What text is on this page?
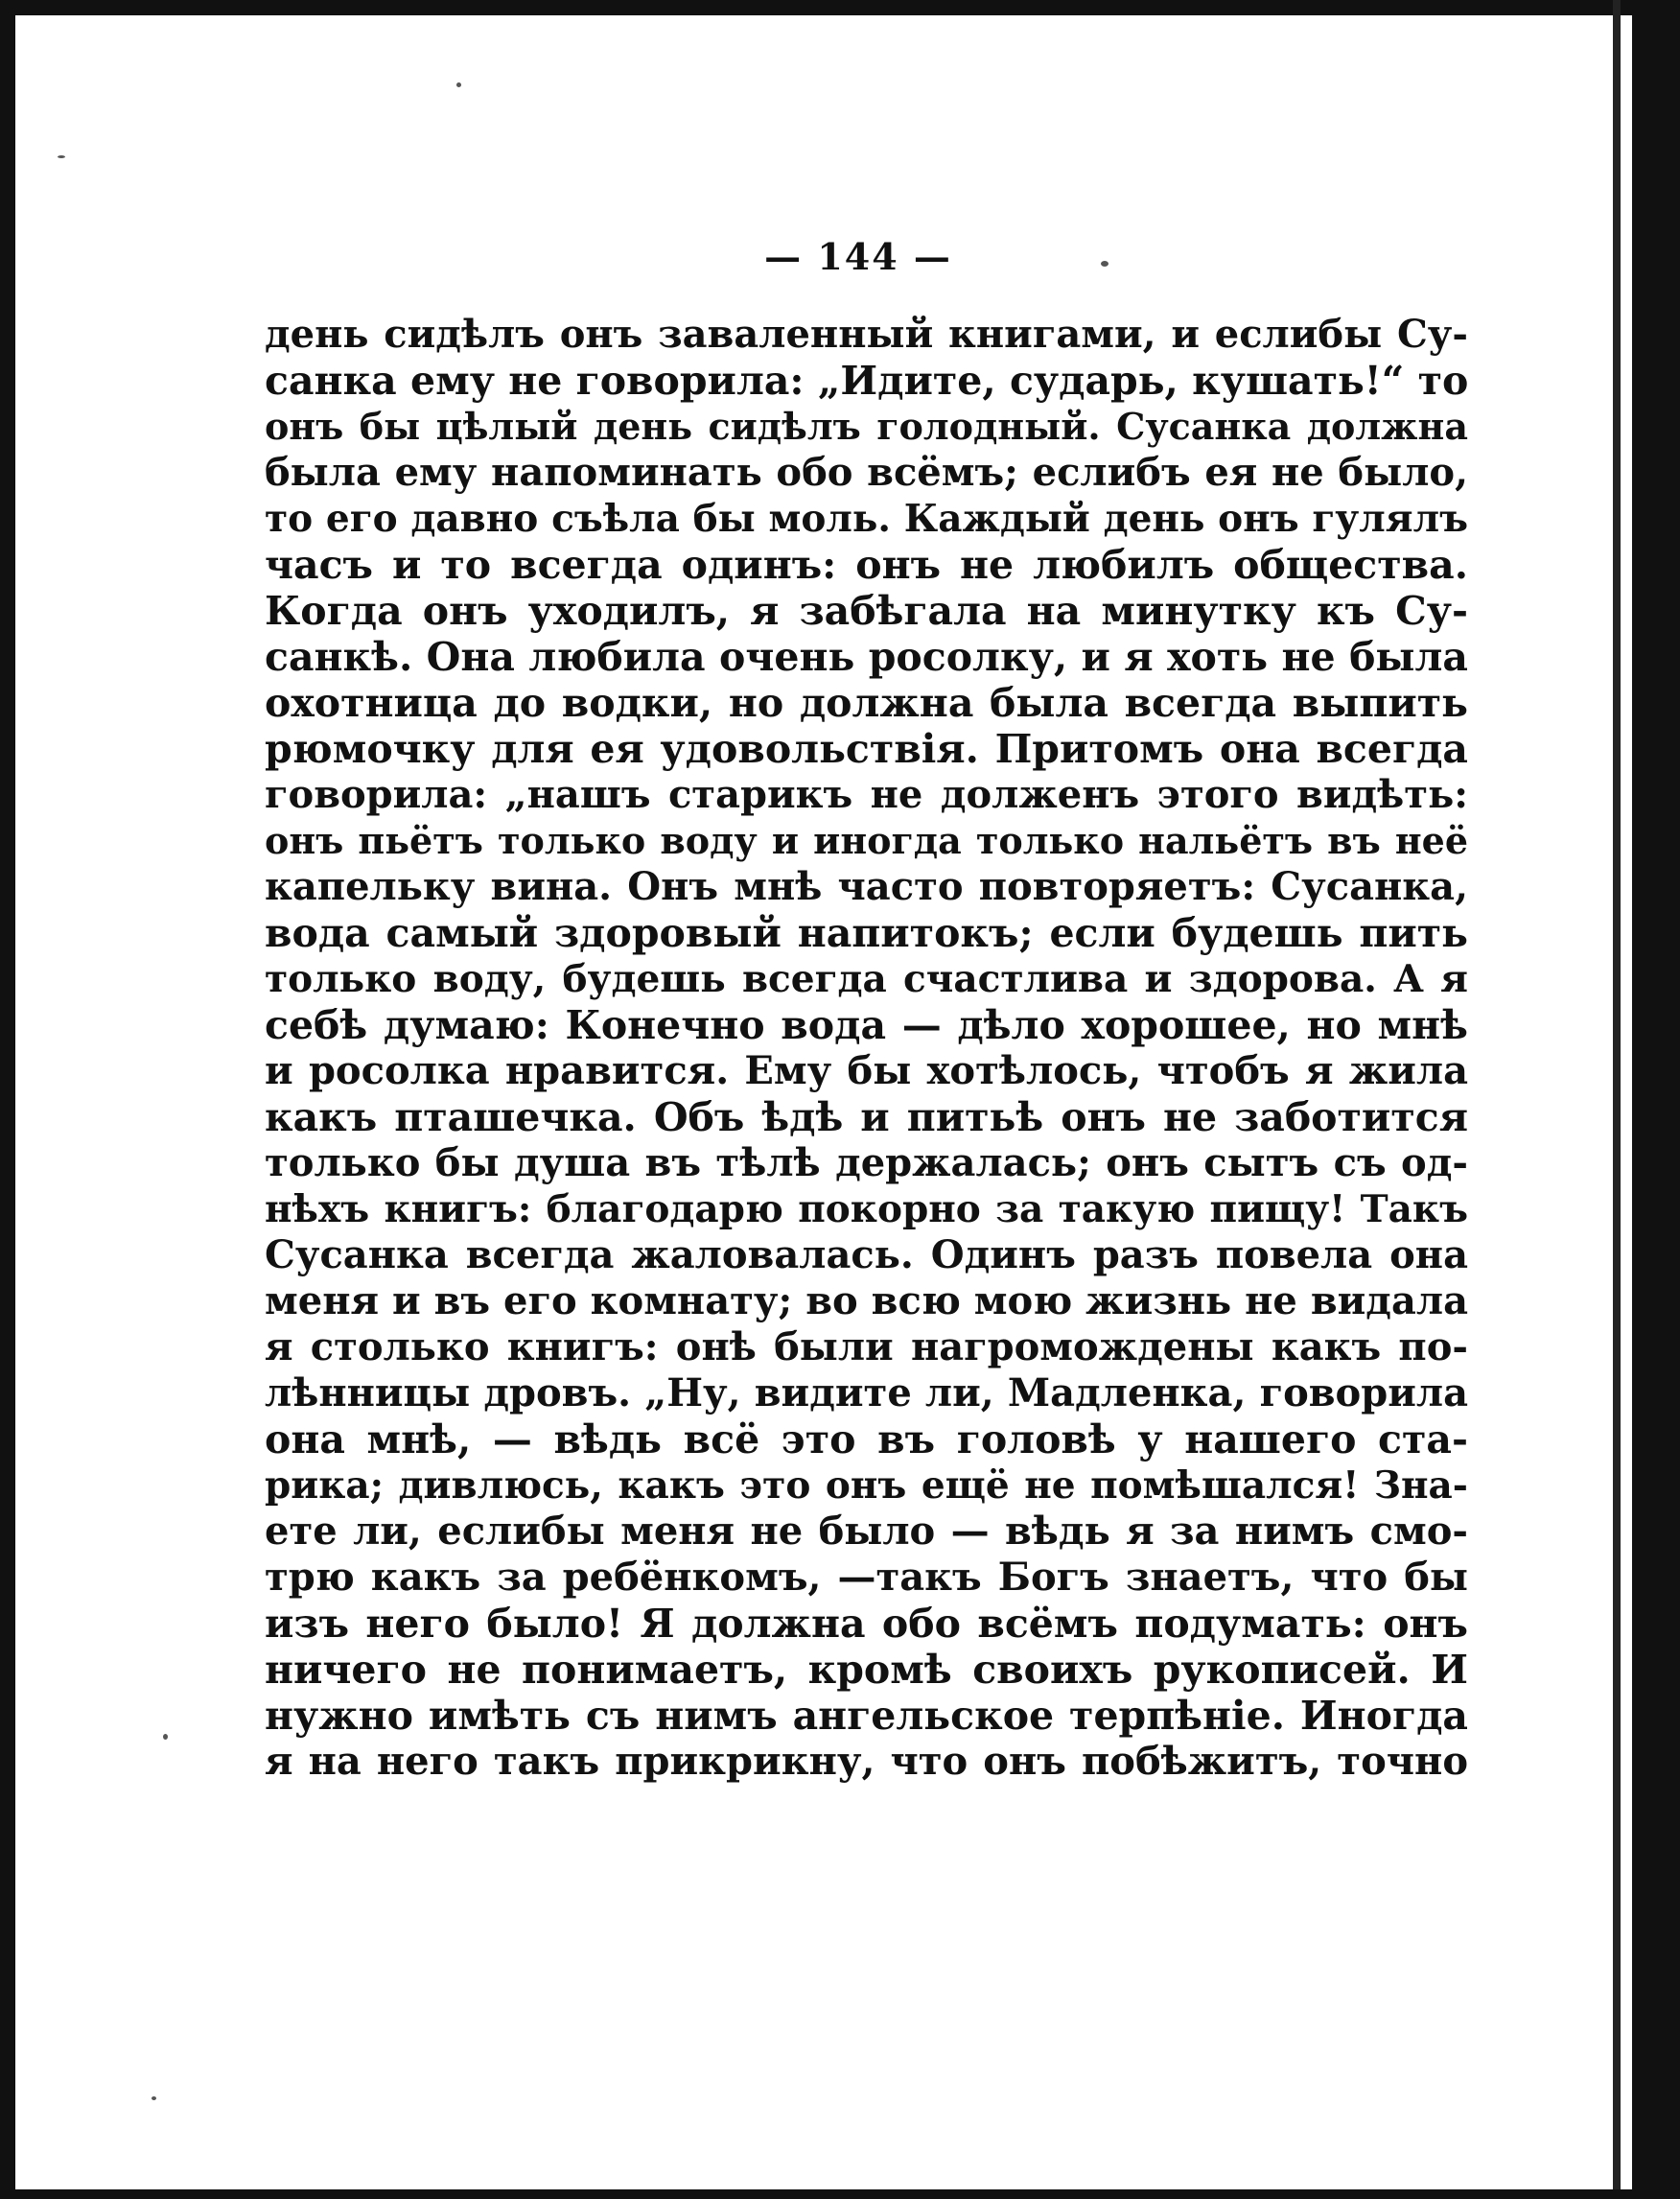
— 144 —
день сидѣлъ онъ заваленный книгами, и еслибы Су-
санка ему не говорила: „Идите, сударь, кушать!“ то
онъ бы цѣлый день сидѣлъ голодный. Сусанка должна
была ему напоминать обо всёмъ; еслибъ ея не было,
то его давно съѣла бы моль. Каждый день онъ гулялъ
часъ и то всегда одинъ: онъ не любилъ общества.
Когда онъ уходилъ, я забѣгала на минутку къ Су-
санкѣ. Она любила очень росолку, и я хоть не была
охотница до водки, но должна была всегда выпить
рюмочку для ея удовольствія. Притомъ она всегда
говорила: „нашъ старикъ не долженъ этого видѣть:
онъ пьётъ только воду и иногда только нальётъ въ неё
капельку вина. Онъ мнѣ часто повторяетъ: Сусанка,
вода самый здоровый напитокъ; если будешь пить
только воду, будешь всегда счастлива и здорова. А я
себѣ думаю: Конечно вода — дѣло хорошее, но мнѣ
и росолка нравится. Ему бы хотѣлось, чтобъ я жила
какъ пташечка. Объ ѣдѣ и питьѣ онъ не заботится
только бы душа въ тѣлѣ держалась; онъ сытъ съ од-
нѣхъ книгъ: благодарю покорно за такую пищу! Такъ
Сусанка всегда жаловалась. Одинъ разъ повела она
меня и въ его комнату; во всю мою жизнь не видала
я столько книгъ: онѣ были нагромождены какъ по-
лѣнницы дровъ. „Ну, видите ли, Мадленка, говорила
она мнѣ, — вѣдь всё это въ головѣ у нашего ста-
рика; дивлюсь, какъ это онъ ещё не помѣшался! Зна-
ете ли, еслибы меня не было — вѣдь я за нимъ смо-
трю какъ за ребёнкомъ, —такъ Богъ знаетъ, что бы
изъ него было! Я должна обо всёмъ подумать: онъ
ничего не понимаетъ, кромѣ своихъ рукописей. И
нужно имѣть съ нимъ ангельское терпѣніе. Иногда
я на него такъ прикрикну, что онъ побѣжитъ, точно
